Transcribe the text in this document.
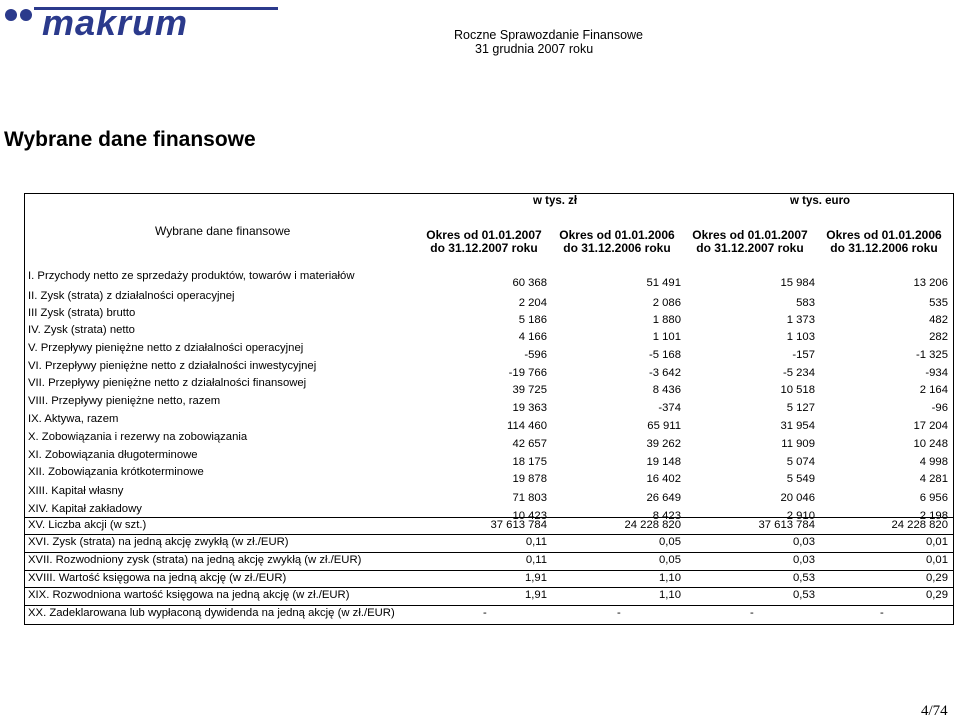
makrum	Roczne Sprawozdanie Finansowe
31 grudnia 2007 roku
Wybrane dane finansowe
w tys. zł	w tys. euro
Wybrane dane finansowe	Okres od 01.01.2007 do 31.12.2007 roku
Okres od 01.01.2006 do 31.12.2006 roku
Okres od 01.01.2007 do 31.12.2007 roku
Okres od 01.01.2006 do 31.12.2006 roku
I. Przychody netto ze sprzedaży produktów, towarów i materiałów
60 368	51 491	15 984	13 206
II. Zysk (strata) z działalności operacyjnej
2 204	2 086	583	535
III Zysk (strata) brutto
5 186	1 880	1 373	482
IV. Zysk (strata) netto
4 166	1 101	1 103	282
V. Przepływy pieniężne netto z działalności operacyjnej
-596	-5 168	-157	-1 325
VI. Przepływy pieniężne netto z działalności inwestycyjnej
-19 766	-3 642	-5 234	-934
VII. Przepływy pieniężne netto z działalności finansowej
39 725	8 436	10 518	2 164
VIII. Przepływy pieniężne netto, razem
19 363	-374	5 127	-96
IX. Aktywa, razem
114 460	65 911	31 954	17 204
X. Zobowiązania i rezerwy na zobowiązania
42 657	39 262	11 909	10 248
XI. Zobowiązania długoterminowe
18 175	19 148	5 074	4 998
XII. Zobowiązania krótkoterminowe
19 878	16 402	5 549	4 281
XIII. Kapitał własny
71 803	26 649	20 046	6 956
XIV. Kapitał zakładowy
10 423	8 423	2 910	2 198
XV. Liczba akcji (w szt.)	37 613 784	24 228 820	37 613 784	24 228 820
XVI. Zysk (strata) na jedną akcję zwykłą (w zł./EUR)	0,11	0,05	0,03	0,01
XVII. Rozwodniony zysk (strata) na jedną akcję zwykłą (w zł./EUR)	0,11	0,05	0,03	0,01
XVIII. Wartość księgowa na jedną akcję (w zł./EUR)	1,91	1,10	0,53	0,29
XIX. Rozwodniona wartość księgowa na jedną akcję (w zł./EUR)	1,91	1,10	0,53	0,29
XX. Zadeklarowana lub wypłaconą dywidenda na jedną akcję (w zł./EUR)	-	-	-	-
4/74
